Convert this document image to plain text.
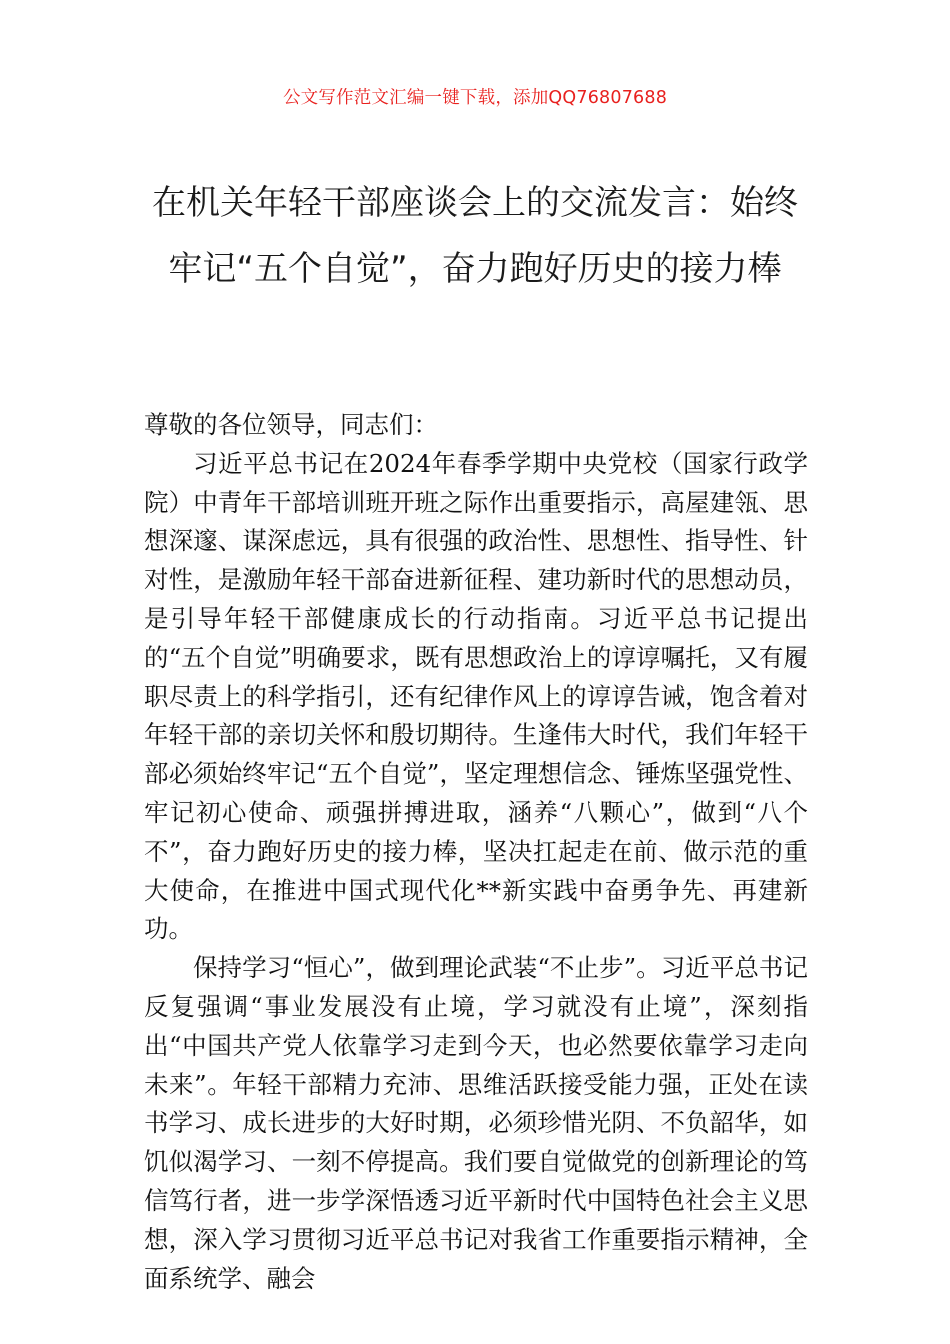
公文写作范文汇编一键下载，添加QQ76807688
在机关年轻干部座谈会上的交流发言：始终牢记“五个自觉”，奋力跑好历史的接力棒

尊敬的各位领导，同志们：

习近平总书记在2024年春季学期中央党校（国家行政学院）中青年干部培训班开班之际作出重要指示，高屋建瓴、思想深邃、谋深虑远，具有很强的政治性、思想性、指导性、针对性，是激励年轻干部奋进新征程、建功新时代的思想动员，是引导年轻干部健康成长的行动指南。习近平总书记提出的“五个自觉”明确要求，既有思想政治上的谆谆嘱托，又有履职尽责上的科学指引，还有纪律作风上的谆谆告诫，饱含着对年轻干部的亲切关怀和殷切期待。生逢伟大时代，我们年轻干部必须始终牢记“五个自觉”，坚定理想信念、锤炼坚强党性、牢记初心使命、顽强拼搏进取，涵养“八颗心”，做到“八个不”，奋力跑好历史的接力棒，坚决扛起走在前、做示范的重大使命，在推进中国式现代化**新实践中奋勇争先、再建新功。

保持学习“恒心”，做到理论武装“不止步”。习近平总书记反复强调“事业发展没有止境，学习就没有止境”，深刻指出“中国共产党人依靠学习走到今天，也必然要依靠学习走向未来”。年轻干部精力充沛、思维活跃接受能力强，正处在读书学习、成长进步的大好时期，必须珍惜光阴、不负韶华，如饥似渴学习、一刻不停提高。我们要自觉做党的创新理论的笃信笃行者，进一步学深悟透习近平新时代中国特色社会主义思想，深入学习贯彻习近平总书记对我省工作重要指示精神，全面系统学、融会
